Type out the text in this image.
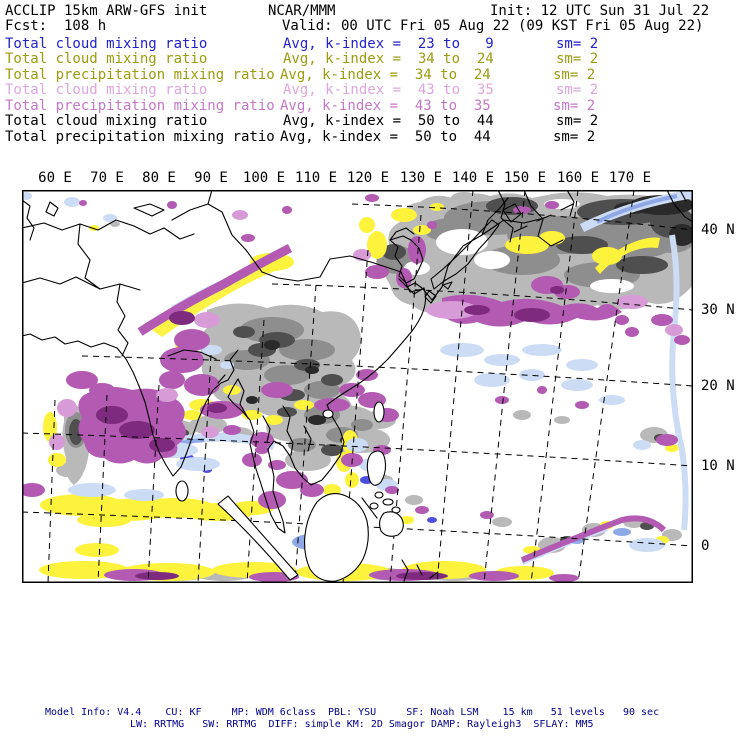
ACCLIP 15km ARW-GFS init	NCAR/MMM	Init: 12 UTC Sun 31 Jul 22
Fcst:  108 h	Valid: 00 UTC Fri 05 Aug 22 (09 KST Fri 05 Aug 22)
Total cloud mixing ratio	Avg, k-index =  23 to   9	sm= 2
Total cloud mixing ratio	Avg, k-index =  34 to  24	sm= 2
Total precipitation mixing ratio Avg, k-index =  34 to  24	sm= 2
Total cloud mixing ratio	Avg, k-index =  43 to  35	sm= 2
Total precipitation mixing ratio Avg, k-index =  43 to  35	sm= 2
Total cloud mixing ratio	Avg, k-index =  50 to  44	sm= 2
Total precipitation mixing ratio Avg, k-index =  50 to  44	sm= 2
60 E 70 E 80 E 90 E 100 E 110 E 120 E 130 E 140 E 150 E 160 E 170 E
40 N
30 N
20 N
10 N
0
Model Info: V4.4    CU: KF     MP: WDM 6class  PBL: YSU     SF: Noah LSM    15 km   51 levels   90 sec
LW: RRTMG   SW: RRTMG  DIFF: simple KM: 2D Smagor DAMP: Rayleigh3  SFLAY: MM5
